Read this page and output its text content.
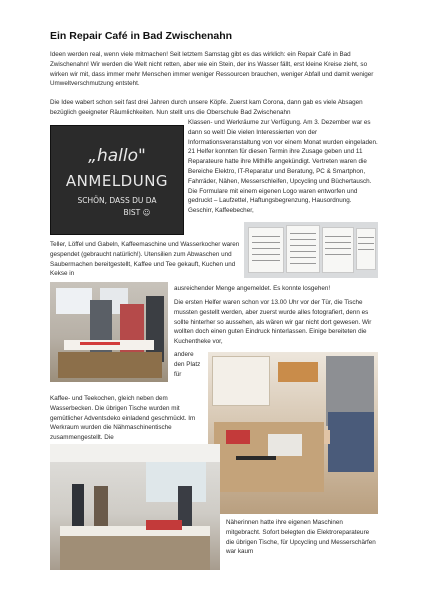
Ein Repair Café in Bad Zwischenahn

Ideen werden real, wenn viele mitmachen! Seit letztem Samstag gibt es das wirklich: ein Repair Café in Bad Zwischenahn! Wir werden die Welt nicht retten, aber wie ein Stein, der ins Wasser fällt, erst kleine Kreise zieht, so wirken wir mit, dass immer mehr Menschen immer weniger Ressourcen brauchen, weniger Abfall und damit weniger Umweltverschmutzung entsteht.

Die Idee wabert schon seit fast drei Jahren durch unsere Köpfe. Zuerst kam Corona, dann gab es viele Absagen bezüglich geeigneter Räumlichkeiten. Nun stellt uns die Oberschule Bad Zwischenahn

„hallo"
ANMELDUNG
SCHÖN, DASS DU DA
BIST ☺

Klassen- und Werkräume zur Verfügung. Am 3. Dezember war es dann so weit! Die vielen Interessierten von der Informationsveranstaltung von vor einem Monat wurden eingeladen. 21 Helfer konnten für diesen Termin ihre Zusage geben und 11 Reparateure hatte ihre Mithilfe angekündigt. Vertreten waren die Bereiche Elektro, IT-Reparatur und Beratung, PC & Smartphon, Fahrräder, Nähen, Messerschleifen, Upcycling und Büchertausch. Die Formulare mit einem eigenen Logo waren entworfen und gedruckt – Laufzettel, Haftungsbegrenzung, Hausordnung. Geschirr, Kaffeebecher,

Teller, Löffel und Gabeln, Kaffeemaschine und Wasserkocher waren gespendet (gebraucht natürlich!). Utensilien zum Abwaschen und Saubermachen bereitgestellt, Kaffee und Tee gekauft, Kuchen und Kekse in

ausreichender Menge angemeldet. Es konnte losgehen!

Die ersten Helfer waren schon vor 13.00 Uhr vor der Tür, die Tische mussten gestellt werden, aber zuerst wurde alles fotografiert, denn es sollte hinterher so aussehen, als wären wir gar nicht dort gewesen. Wir wollten doch einen guten Eindruck hinterlassen. Einige bereiteten die Kuchentheke vor,

andere den Platz für

Kaffee- und Teekochen, gleich neben dem Wasserbecken. Die übrigen Tische wurden mit gemütlicher Adventsdeko einladend geschmückt. Im Werkraum wurden die Nähmaschinentische zusammengestellt. Die

Näherinnen hatte ihre eigenen Maschinen mitgebracht. Sofort belegten die Elektroreparateure die übrigen Tische, für Upcycling und Messerschärfen war kaum
